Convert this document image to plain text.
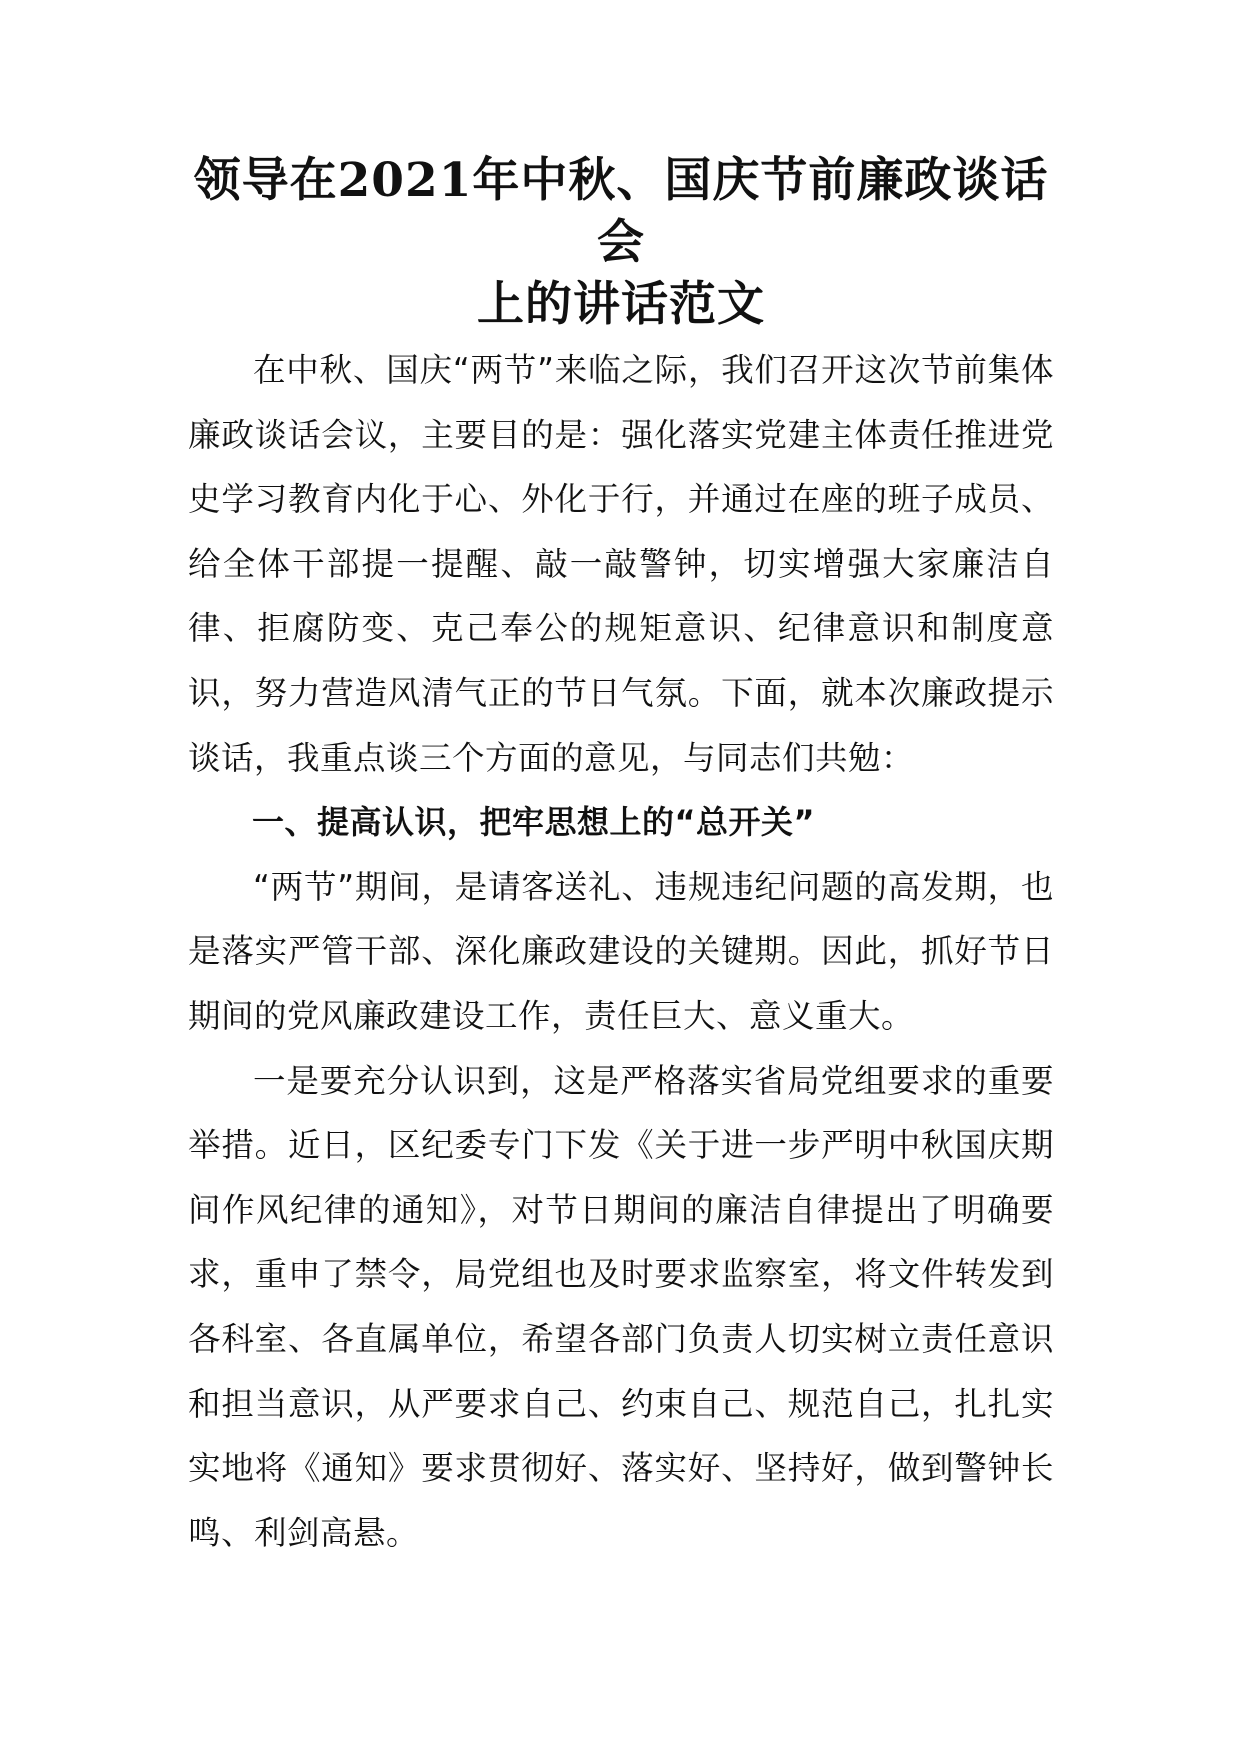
领导在2021年中秋、国庆节前廉政谈话会
上的讲话范文

在中秋、国庆“两节”来临之际，我们召开这次节前集体廉政谈话会议，主要目的是：强化落实党建主体责任推进党史学习教育内化于心、外化于行，并通过在座的班子成员、给全体干部提一提醒、敲一敲警钟，切实增强大家廉洁自律、拒腐防变、克己奉公的规矩意识、纪律意识和制度意识，努力营造风清气正的节日气氛。下面，就本次廉政提示谈话，我重点谈三个方面的意见，与同志们共勉：

一、提高认识，把牢思想上的“总开关”

“两节”期间，是请客送礼、违规违纪问题的高发期，也是落实严管干部、深化廉政建设的关键期。因此，抓好节日期间的党风廉政建设工作，责任巨大、意义重大。

一是要充分认识到，这是严格落实省局党组要求的重要举措。近日，区纪委专门下发《关于进一步严明中秋国庆期间作风纪律的通知》，对节日期间的廉洁自律提出了明确要求，重申了禁令，局党组也及时要求监察室，将文件转发到各科室、各直属单位，希望各部门负责人切实树立责任意识和担当意识，从严要求自己、约束自己、规范自己，扎扎实实地将《通知》要求贯彻好、落实好、坚持好，做到警钟长鸣、利剑高悬。
